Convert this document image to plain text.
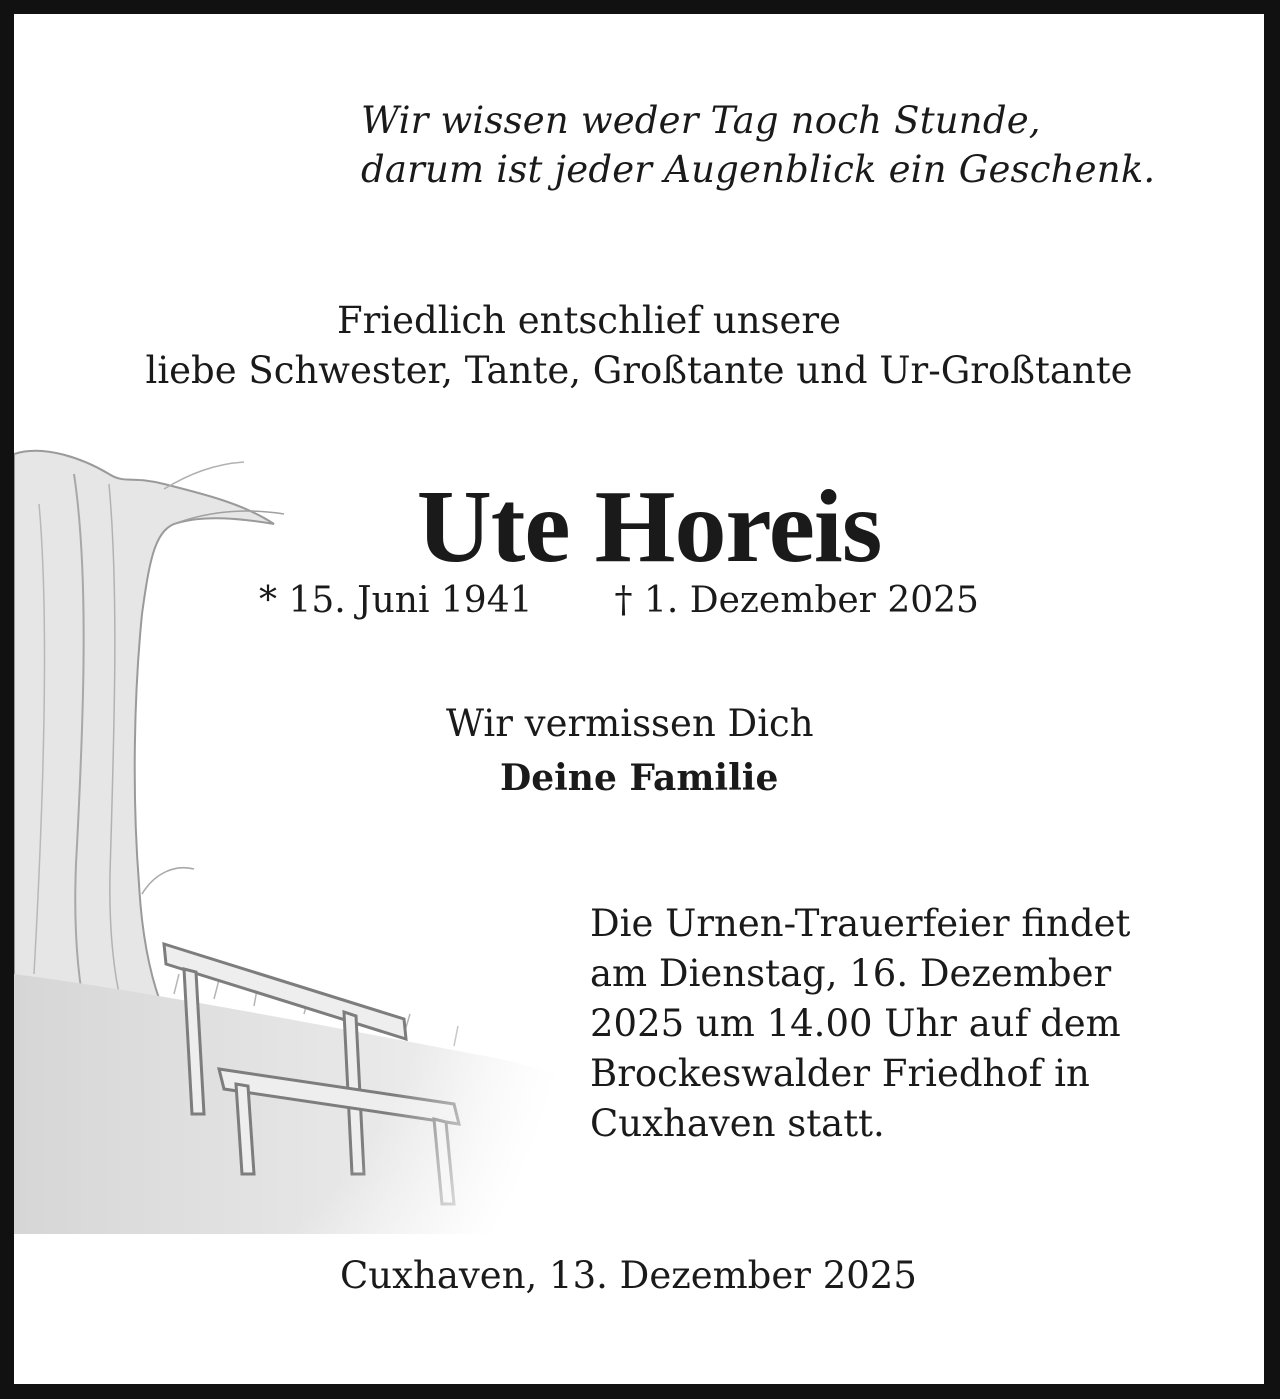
Wir wissen weder Tag noch Stunde,
darum ist jeder Augenblick ein Geschenk.
Friedlich entschlief unsere
liebe Schwester, Tante, Großtante und Ur-Großtante
Ute Horeis
* 15. Juni 1941 † 1. Dezember 2025
Wir vermissen Dich
Deine Familie
Die Urnen-Trauerfeier findet
am Dienstag, 16. Dezember
2025 um 14.00 Uhr auf dem
Brockeswalder Friedhof in
Cuxhaven statt.
Cuxhaven, 13. Dezember 2025
